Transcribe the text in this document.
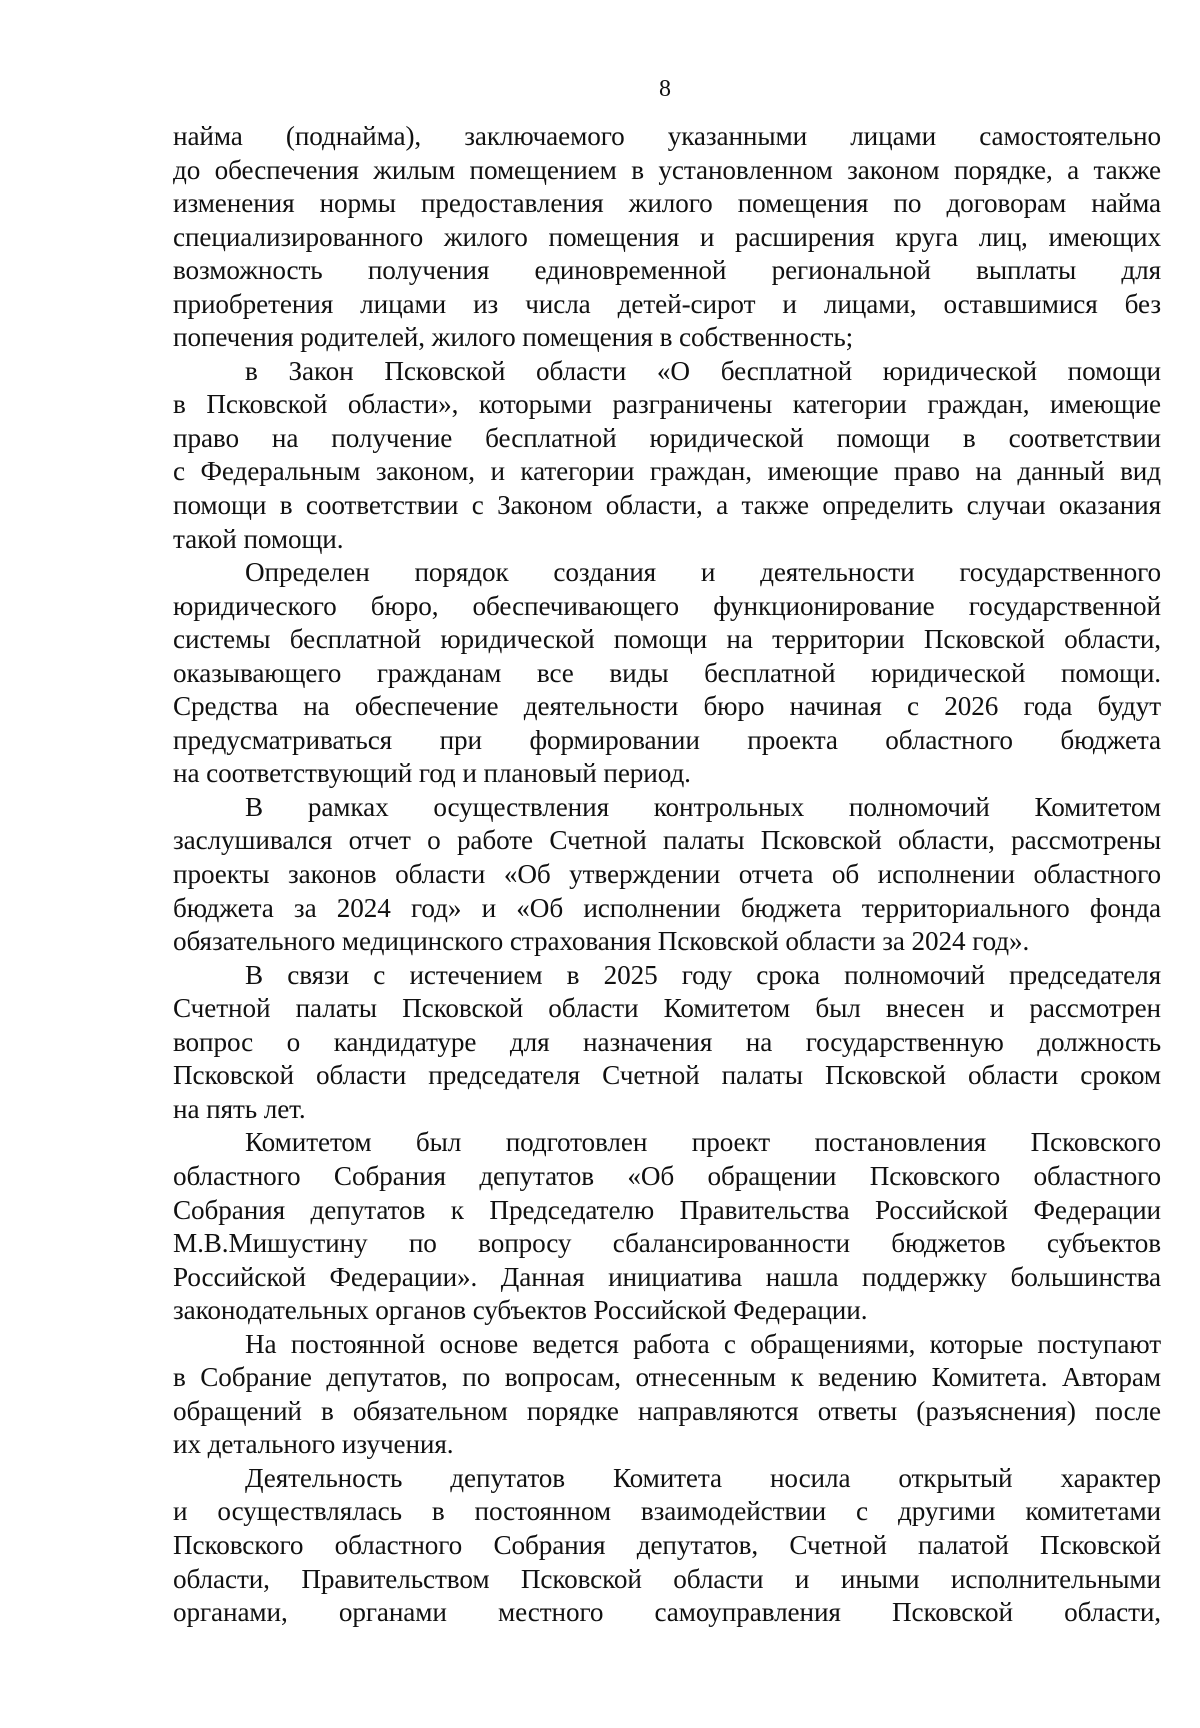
8
найма (поднайма), заключаемого указанными лицами самостоятельно
до обеспечения жилым помещением в установленном законом порядке, а также
изменения нормы предоставления жилого помещения по договорам найма
специализированного жилого помещения и расширения круга лиц, имеющих
возможность получения единовременной региональной выплаты для
приобретения лицами из числа детей-сирот и лицами, оставшимися без
попечения родителей, жилого помещения в собственность;
в Закон Псковской области «О бесплатной юридической помощи
в Псковской области», которыми разграничены категории граждан, имеющие
право на получение бесплатной юридической помощи в соответствии
с Федеральным законом, и категории граждан, имеющие право на данный вид
помощи в соответствии с Законом области, а также определить случаи оказания
такой помощи.
Определен порядок создания и деятельности государственного
юридического бюро, обеспечивающего функционирование государственной
системы бесплатной юридической помощи на территории Псковской области,
оказывающего гражданам все виды бесплатной юридической помощи.
Средства на обеспечение деятельности бюро начиная с 2026 года будут
предусматриваться при формировании проекта областного бюджета
на соответствующий год и плановый период.
В рамках осуществления контрольных полномочий Комитетом
заслушивался отчет о работе Счетной палаты Псковской области, рассмотрены
проекты законов области «Об утверждении отчета об исполнении областного
бюджета за 2024 год» и «Об исполнении бюджета территориального фонда
обязательного медицинского страхования Псковской области за 2024 год».
В связи с истечением в 2025 году срока полномочий председателя
Счетной палаты Псковской области Комитетом был внесен и рассмотрен
вопрос о кандидатуре для назначения на государственную должность
Псковской области председателя Счетной палаты Псковской области сроком
на пять лет.
Комитетом был подготовлен проект постановления Псковского
областного Собрания депутатов «Об обращении Псковского областного
Собрания депутатов к Председателю Правительства Российской Федерации
М.В.Мишустину по вопросу сбалансированности бюджетов субъектов
Российской Федерации». Данная инициатива нашла поддержку большинства
законодательных органов субъектов Российской Федерации.
На постоянной основе ведется работа с обращениями, которые поступают
в Собрание депутатов, по вопросам, отнесенным к ведению Комитета. Авторам
обращений в обязательном порядке направляются ответы (разъяснения) после
их детального изучения.
Деятельность депутатов Комитета носила открытый характер
и осуществлялась в постоянном взаимодействии с другими комитетами
Псковского областного Собрания депутатов, Счетной палатой Псковской
области, Правительством Псковской области и иными исполнительными
органами, органами местного самоуправления Псковской области,
